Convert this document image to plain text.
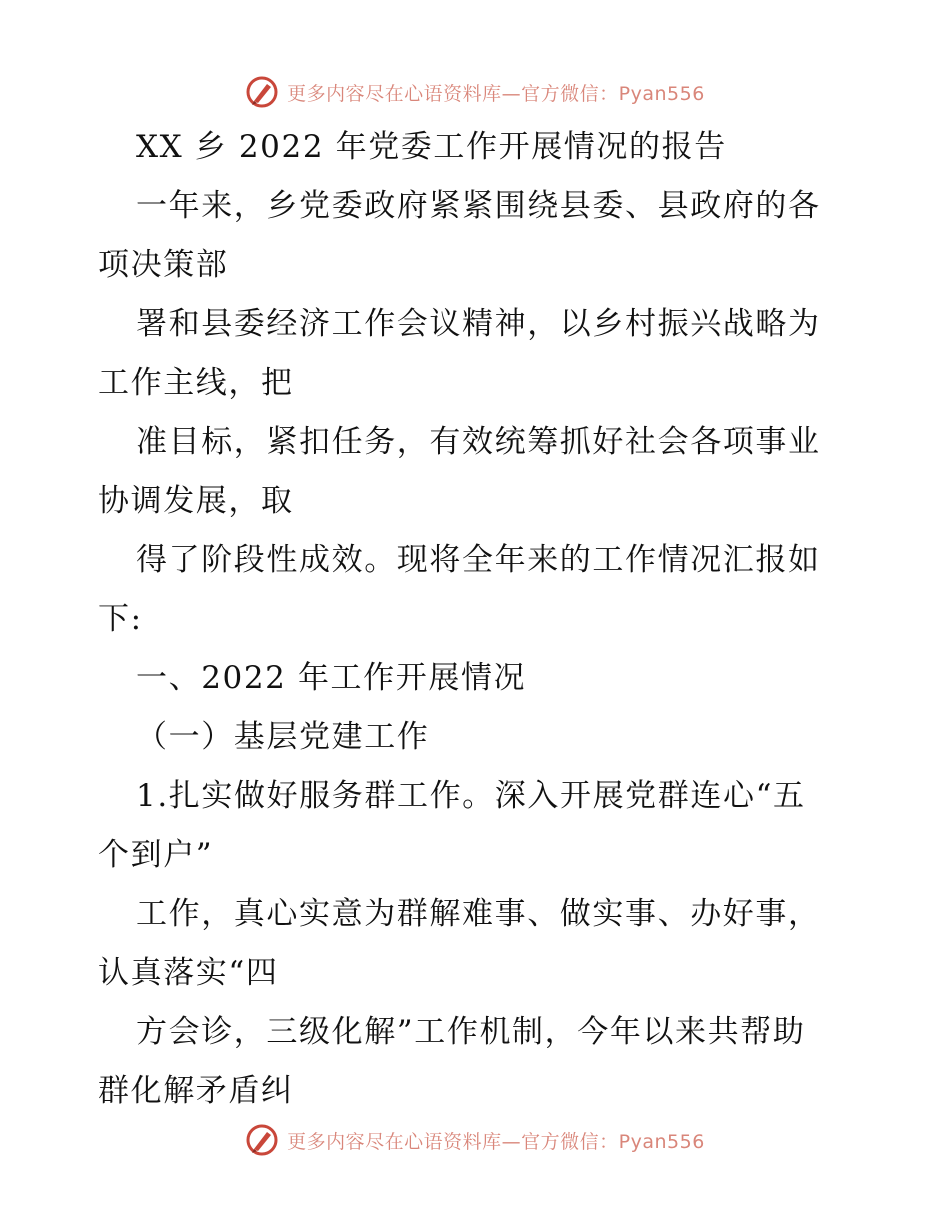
更多内容尽在心语资料库—官方微信：Pyan556
XX 乡 2022 年党委工作开展情况的报告
一年来，乡党委政府紧紧围绕县委、县政府的各
项决策部
署和县委经济工作会议精神，以乡村振兴战略为
工作主线，把
准目标，紧扣任务，有效统筹抓好社会各项事业
协调发展，取
得了阶段性成效。现将全年来的工作情况汇报如
下:
一、2022 年工作开展情况
（一）基层党建工作
1.扎实做好服务群工作。深入开展党群连心“五
个到户”
工作，真心实意为群解难事、做实事、办好事，
认真落实“四
方会诊，三级化解”工作机制，今年以来共帮助
群化解矛盾纠
更多内容尽在心语资料库—官方微信：Pyan556
